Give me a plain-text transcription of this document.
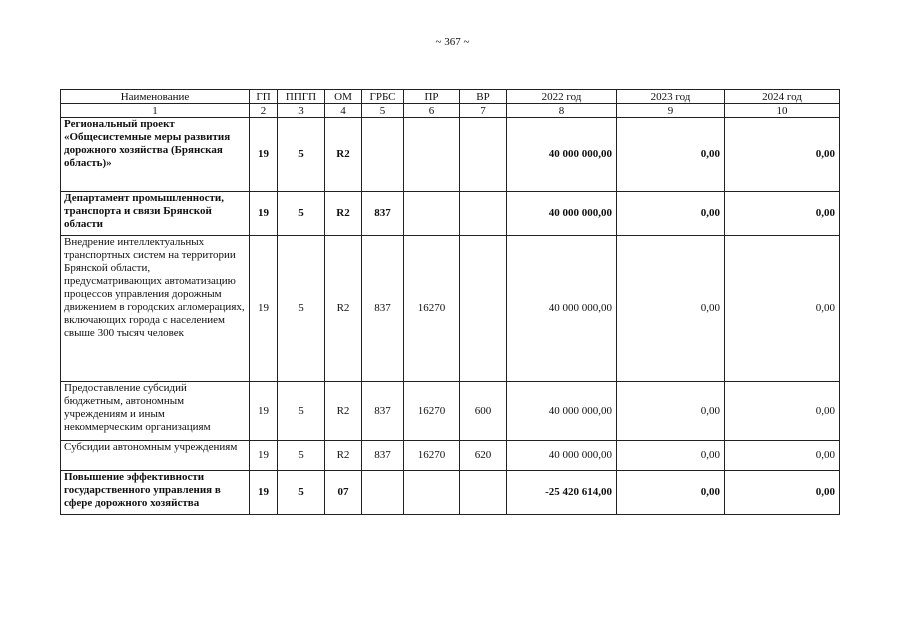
~ 367 ~
Наименование	ГП	ППГП	ОМ	ГРБС	ПР	ВР	2022 год	2023 год	2024 год
1	2	3	4	5	6	7	8	9	10
Региональный проект «Общесистемные меры развития дорожного хозяйства (Брянская область)»	19	5	R2				40 000 000,00	0,00	0,00
Департамент промышленности, транспорта и связи Брянской области	19	5	R2	837			40 000 000,00	0,00	0,00
Внедрение интеллектуальных транспортных систем на территории Брянской области, предусматривающих автоматизацию процессов управления дорожным движением в городских агломерациях, включающих города с населением свыше 300 тысяч человек	19	5	R2	837	16270		40 000 000,00	0,00	0,00
Предоставление субсидий бюджетным, автономным учреждениям и иным некоммерческим организациям	19	5	R2	837	16270	600	40 000 000,00	0,00	0,00
Субсидии автономным учреждениям	19	5	R2	837	16270	620	40 000 000,00	0,00	0,00
Повышение эффективности государственного управления в сфере дорожного хозяйства	19	5	07				-25 420 614,00	0,00	0,00
